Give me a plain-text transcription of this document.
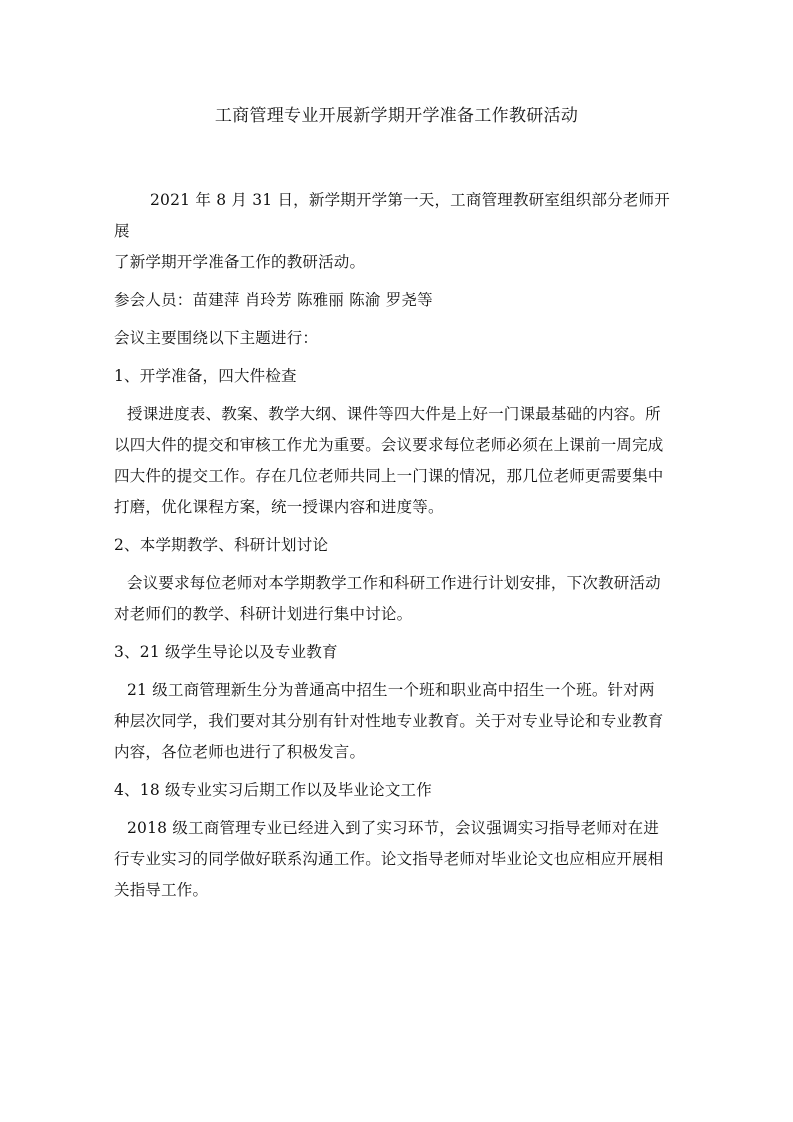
工商管理专业开展新学期开学准备工作教研活动
2021 年 8 月 31 日，新学期开学第一天，工商管理教研室组织部分老师开展
了新学期开学准备工作的教研活动。
参会人员：苗建萍 肖玲芳 陈雅丽 陈渝 罗尧等
会议主要围绕以下主题进行：
1、开学准备，四大件检查
授课进度表、教案、教学大纲、课件等四大件是上好一门课最基础的内容。所
以四大件的提交和审核工作尤为重要。会议要求每位老师必须在上课前一周完成
四大件的提交工作。存在几位老师共同上一门课的情况，那几位老师更需要集中
打磨，优化课程方案，统一授课内容和进度等。
2、本学期教学、科研计划讨论
会议要求每位老师对本学期教学工作和科研工作进行计划安排，下次教研活动
对老师们的教学、科研计划进行集中讨论。
3、21 级学生导论以及专业教育
21 级工商管理新生分为普通高中招生一个班和职业高中招生一个班。针对两
种层次同学，我们要对其分别有针对性地专业教育。关于对专业导论和专业教育
内容，各位老师也进行了积极发言。
4、18 级专业实习后期工作以及毕业论文工作
2018 级工商管理专业已经进入到了实习环节，会议强调实习指导老师对在进
行专业实习的同学做好联系沟通工作。论文指导老师对毕业论文也应相应开展相
关指导工作。
